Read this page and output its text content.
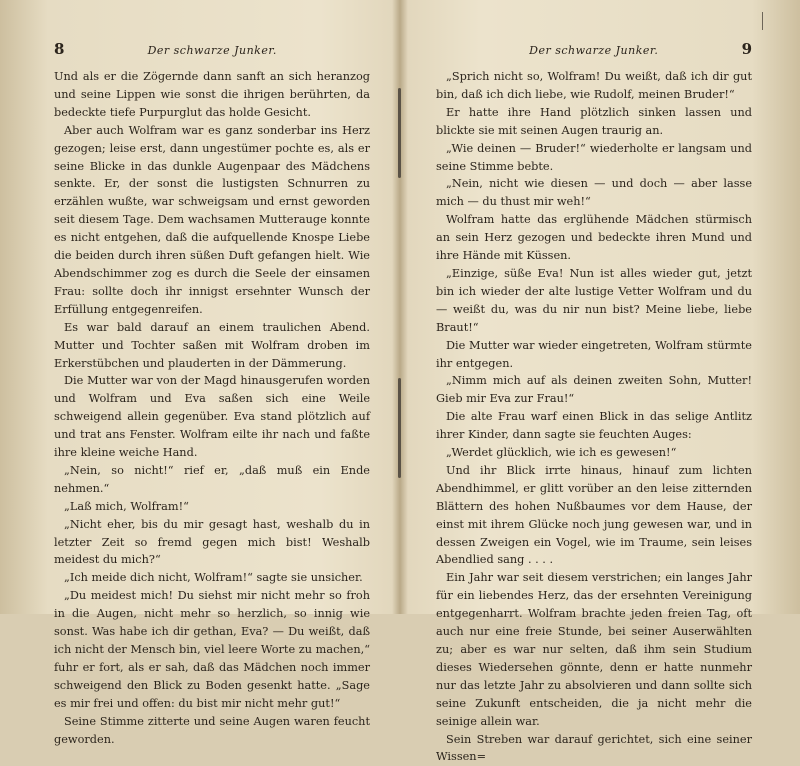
8	Der schwarze Junker.

Und als er die Zögernde dann sanft an sich heranzog und seine Lippen wie sonst die ihrigen berührten, da bedeckte tiefe Purpurglut das holde Gesicht.

Aber auch Wolfram war es ganz sonderbar ins Herz gezogen; leise erst, dann ungestümer pochte es, als er seine Blicke in das dunkle Augenpaar des Mädchens senkte. Er, der sonst die lustigsten Schnurren zu erzählen wußte, war schweigsam und ernst geworden seit diesem Tage. Dem wachsamen Mutterauge konnte es nicht entgehen, daß die aufquellende Knospe Liebe die beiden durch ihren süßen Duft gefangen hielt. Wie Abendschimmer zog es durch die Seele der einsamen Frau: sollte doch ihr innigst ersehnter Wunsch der Erfüllung entgegenreifen.

Es war bald darauf an einem traulichen Abend. Mutter und Tochter saßen mit Wolfram droben im Erkerstübchen und plauderten in der Dämmerung.

Die Mutter war von der Magd hinausgerufen worden und Wolfram und Eva saßen sich eine Weile schweigend allein gegenüber. Eva stand plötzlich auf und trat ans Fenster. Wolfram eilte ihr nach und faßte ihre kleine weiche Hand.

„Nein, so nicht!“ rief er, „daß muß ein Ende nehmen.“

„Laß mich, Wolfram!“

„Nicht eher, bis du mir gesagt hast, weshalb du in letzter Zeit so fremd gegen mich bist! Weshalb meidest du mich?“

„Ich meide dich nicht, Wolfram!“ sagte sie unsicher.

„Du meidest mich! Du siehst mir nicht mehr so froh in die Augen, nicht mehr so herzlich, so innig wie sonst. Was habe ich dir gethan, Eva? — Du weißt, daß ich nicht der Mensch bin, viel leere Worte zu machen,“ fuhr er fort, als er sah, daß das Mädchen noch immer schweigend den Blick zu Boden gesenkt hatte. „Sage es mir frei und offen: du bist mir nicht mehr gut!“

Seine Stimme zitterte und seine Augen waren feucht geworden.

Der schwarze Junker.	9

„Sprich nicht so, Wolfram! Du weißt, daß ich dir gut bin, daß ich dich liebe, wie Rudolf, meinen Bruder!“

Er hatte ihre Hand plötzlich sinken lassen und blickte sie mit seinen Augen traurig an.

„Wie deinen — Bruder!“ wiederholte er langsam und seine Stimme bebte.

„Nein, nicht wie diesen — und doch — aber lasse mich — du thust mir weh!“

Wolfram hatte das erglühende Mädchen stürmisch an sein Herz gezogen und bedeckte ihren Mund und ihre Hände mit Küssen.

„Einzige, süße Eva! Nun ist alles wieder gut, jetzt bin ich wieder der alte lustige Vetter Wolfram und du — weißt du, was du nir nun bist? Meine liebe, liebe Braut!“

Die Mutter war wieder eingetreten, Wolfram stürmte ihr entgegen.

„Nimm mich auf als deinen zweiten Sohn, Mutter! Gieb mir Eva zur Frau!“

Die alte Frau warf einen Blick in das selige Antlitz ihrer Kinder, dann sagte sie feuchten Auges:

„Werdet glücklich, wie ich es gewesen!“

Und ihr Blick irrte hinaus, hinauf zum lichten Abendhimmel, er glitt vorüber an den leise zitternden Blättern des hohen Nußbaumes vor dem Hause, der einst mit ihrem Glücke noch jung gewesen war, und in dessen Zweigen ein Vogel, wie im Traume, sein leises Abendlied sang . . . .

Ein Jahr war seit diesem verstrichen; ein langes Jahr für ein liebendes Herz, das der ersehnten Vereinigung entgegenharrt. Wolfram brachte jeden freien Tag, oft auch nur eine freie Stunde, bei seiner Auserwählten zu; aber es war nur selten, daß ihm sein Studium dieses Wiedersehen gönnte, denn er hatte nunmehr nur das letzte Jahr zu absolvieren und dann sollte sich seine Zukunft entscheiden, die ja nicht mehr die seinige allein war.

Sein Streben war darauf gerichtet, sich eine seiner Wissen=
